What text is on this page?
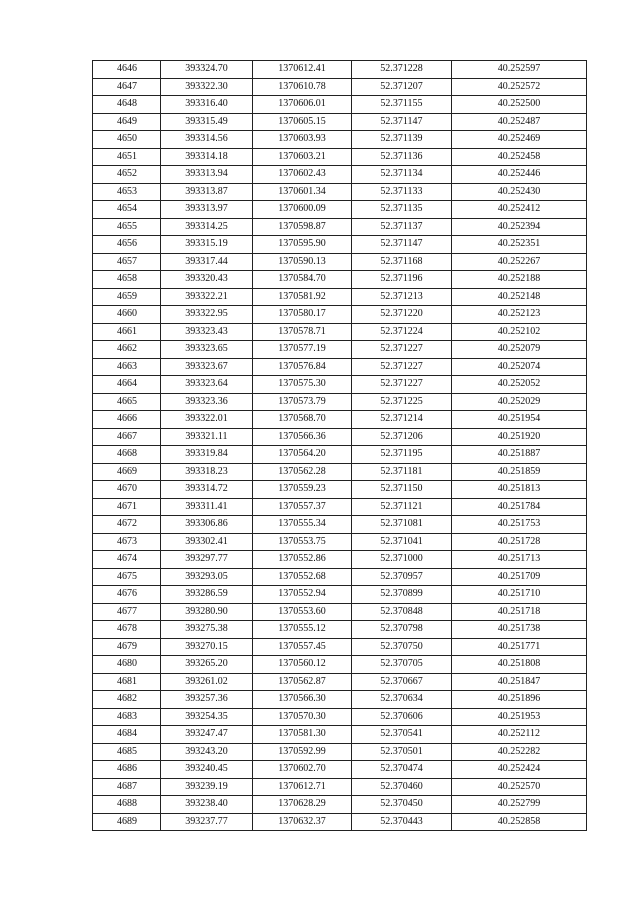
4646	393324.70	1370612.41	52.371228	40.252597
4647	393322.30	1370610.78	52.371207	40.252572
4648	393316.40	1370606.01	52.371155	40.252500
4649	393315.49	1370605.15	52.371147	40.252487
4650	393314.56	1370603.93	52.371139	40.252469
4651	393314.18	1370603.21	52.371136	40.252458
4652	393313.94	1370602.43	52.371134	40.252446
4653	393313.87	1370601.34	52.371133	40.252430
4654	393313.97	1370600.09	52.371135	40.252412
4655	393314.25	1370598.87	52.371137	40.252394
4656	393315.19	1370595.90	52.371147	40.252351
4657	393317.44	1370590.13	52.371168	40.252267
4658	393320.43	1370584.70	52.371196	40.252188
4659	393322.21	1370581.92	52.371213	40.252148
4660	393322.95	1370580.17	52.371220	40.252123
4661	393323.43	1370578.71	52.371224	40.252102
4662	393323.65	1370577.19	52.371227	40.252079
4663	393323.67	1370576.84	52.371227	40.252074
4664	393323.64	1370575.30	52.371227	40.252052
4665	393323.36	1370573.79	52.371225	40.252029
4666	393322.01	1370568.70	52.371214	40.251954
4667	393321.11	1370566.36	52.371206	40.251920
4668	393319.84	1370564.20	52.371195	40.251887
4669	393318.23	1370562.28	52.371181	40.251859
4670	393314.72	1370559.23	52.371150	40.251813
4671	393311.41	1370557.37	52.371121	40.251784
4672	393306.86	1370555.34	52.371081	40.251753
4673	393302.41	1370553.75	52.371041	40.251728
4674	393297.77	1370552.86	52.371000	40.251713
4675	393293.05	1370552.68	52.370957	40.251709
4676	393286.59	1370552.94	52.370899	40.251710
4677	393280.90	1370553.60	52.370848	40.251718
4678	393275.38	1370555.12	52.370798	40.251738
4679	393270.15	1370557.45	52.370750	40.251771
4680	393265.20	1370560.12	52.370705	40.251808
4681	393261.02	1370562.87	52.370667	40.251847
4682	393257.36	1370566.30	52.370634	40.251896
4683	393254.35	1370570.30	52.370606	40.251953
4684	393247.47	1370581.30	52.370541	40.252112
4685	393243.20	1370592.99	52.370501	40.252282
4686	393240.45	1370602.70	52.370474	40.252424
4687	393239.19	1370612.71	52.370460	40.252570
4688	393238.40	1370628.29	52.370450	40.252799
4689	393237.77	1370632.37	52.370443	40.252858
